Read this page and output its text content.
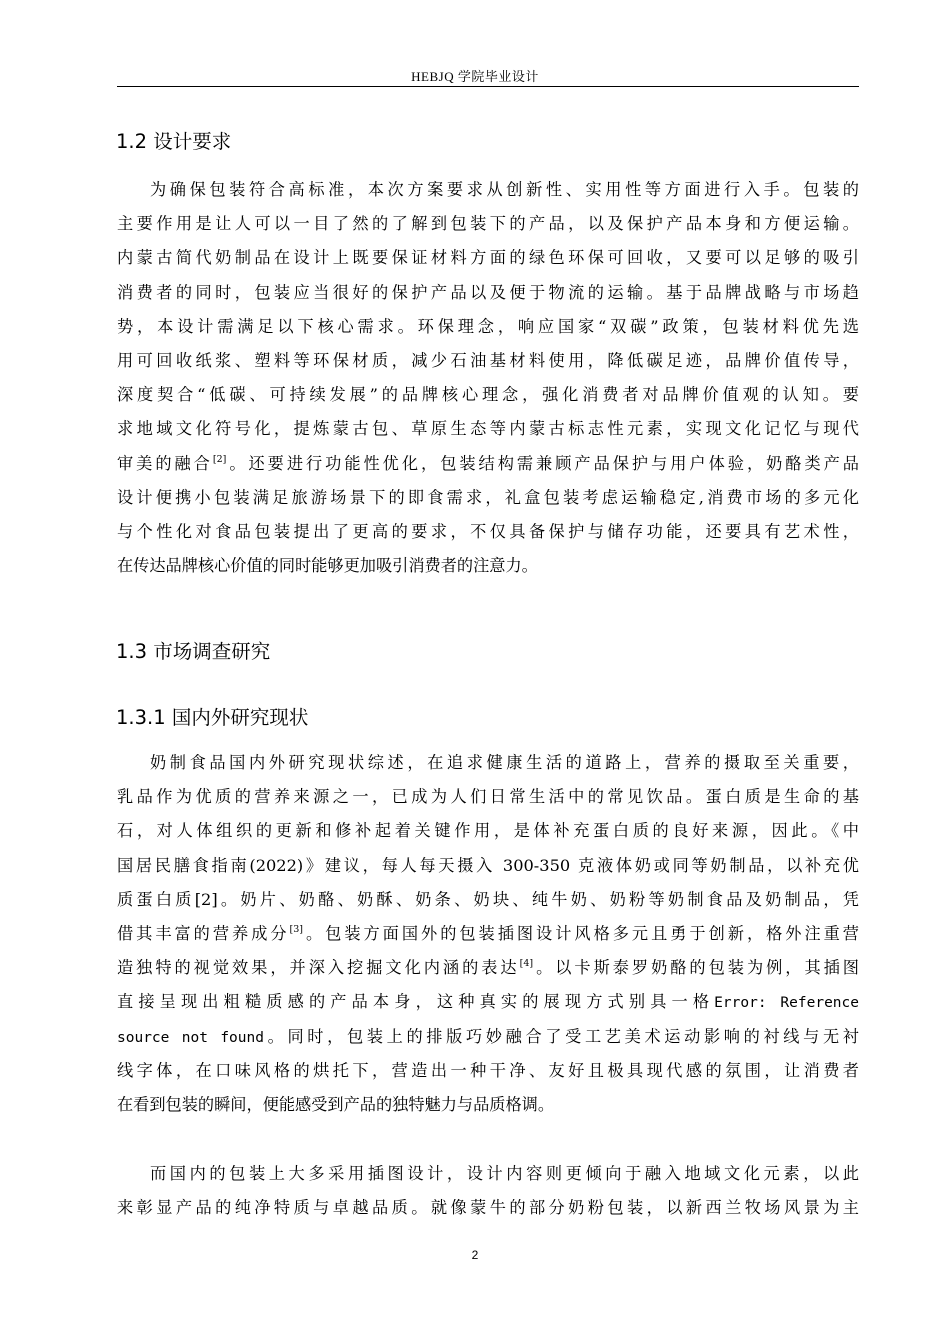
HEBJQ 学院毕业设计
1.2 设计要求
为确保包装符合高标准，本次方案要求从创新性、实用性等方面进行入手。包装的
主要作用是让人可以一目了然的了解到包装下的产品，以及保护产品本身和方便运输。
内蒙古简代奶制品在设计上既要保证材料方面的绿色环保可回收，又要可以足够的吸引
消费者的同时，包装应当很好的保护产品以及便于物流的运输。基于品牌战略与市场趋
势，本设计需满足以下核心需求。环保理念，响应国家“双碳”政策，包装材料优先选
用可回收纸浆、塑料等环保材质，减少石油基材料使用，降低碳足迹，品牌价值传导，
深度契合“低碳、可持续发展”的品牌核心理念，强化消费者对品牌价值观的认知。要
求地域文化符号化，提炼蒙古包、草原生态等内蒙古标志性元素，实现文化记忆与现代
审美的融合[2]。还要进行功能性优化，包装结构需兼顾产品保护与用户体验，奶酪类产品
设计便携小包装满足旅游场景下的即食需求，礼盒包装考虑运输稳定,消费市场的多元化
与个性化对食品包装提出了更高的要求，不仅具备保护与储存功能，还要具有艺术性，
在传达品牌核心价值的同时能够更加吸引消费者的注意力。
1.3 市场调查研究
1.3.1 国内外研究现状
奶制食品国内外研究现状综述，在追求健康生活的道路上，营养的摄取至关重要，
乳品作为优质的营养来源之一，已成为人们日常生活中的常见饮品。蛋白质是生命的基
石，对人体组织的更新和修补起着关键作用，是体补充蛋白质的良好来源，因此。《中
国居民膳食指南(2022)》建议，每人每天摄入 300-350 克液体奶或同等奶制品，以补充优
质蛋白质[2]。奶片、奶酪、奶酥、奶条、奶块、纯牛奶、奶粉等奶制食品及奶制品，凭
借其丰富的营养成分[3]。包装方面国外的包装插图设计风格多元且勇于创新，格外注重营
造独特的视觉效果，并深入挖掘文化内涵的表达[4]。以卡斯泰罗奶酪的包装为例，其插图
直接呈现出粗糙质感的产品本身，这种真实的展现方式别具一格Error: Reference
source not found。同时，包装上的排版巧妙融合了受工艺美术运动影响的衬线与无衬
线字体，在口味风格的烘托下，营造出一种干净、友好且极具现代感的氛围，让消费者
在看到包装的瞬间，便能感受到产品的独特魅力与品质格调。
而国内的包装上大多采用插图设计，设计内容则更倾向于融入地域文化元素，以此
来彰显产品的纯净特质与卓越品质。就像蒙牛的部分奶粉包装，以新西兰牧场风景为主
2
